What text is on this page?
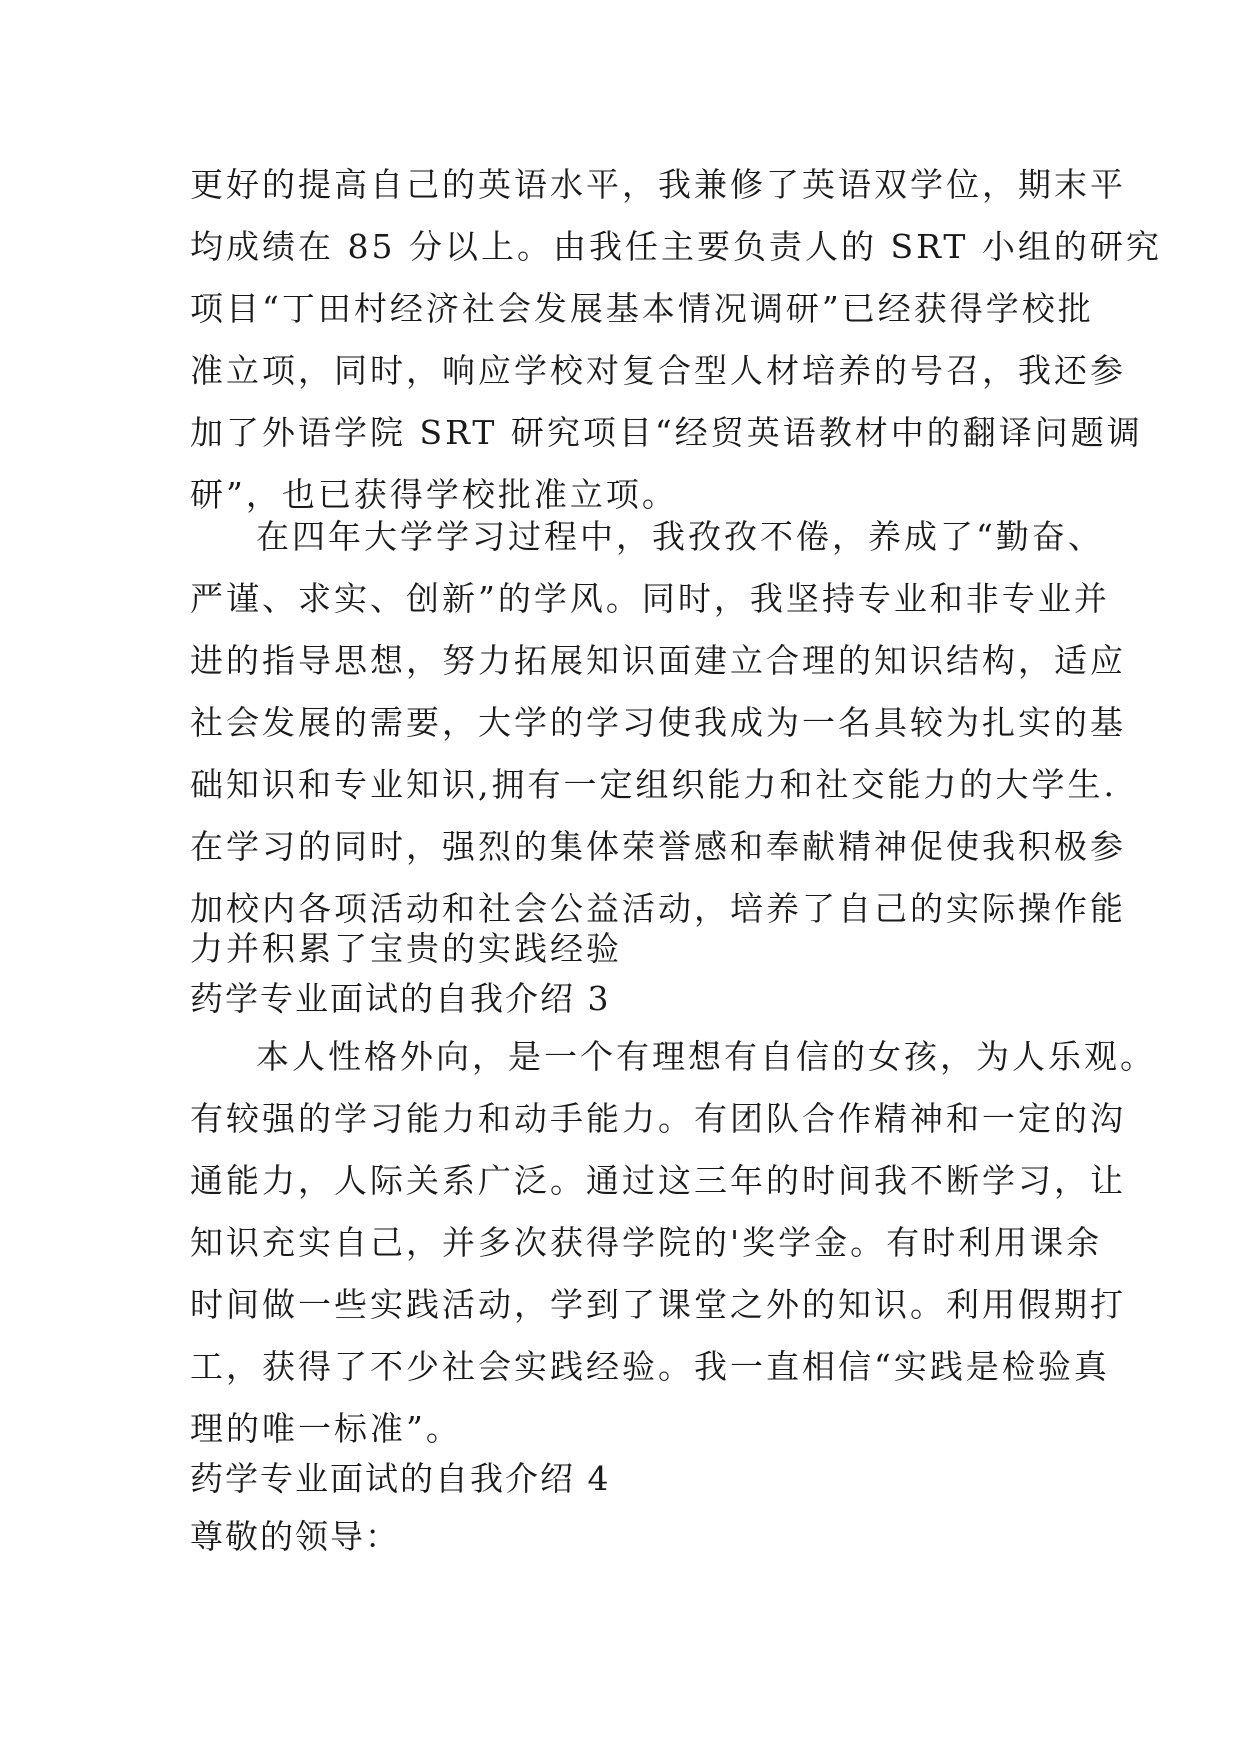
更好的提高自己的英语水平，我兼修了英语双学位，期末平
均成绩在 85 分以上。由我任主要负责人的 SRT 小组的研究
项目“丁田村经济社会发展基本情况调研”已经获得学校批
准立项，同时，响应学校对复合型人材培养的号召，我还参
加了外语学院 SRT 研究项目“经贸英语教材中的翻译问题调
研”，也已获得学校批准立项。
在四年大学学习过程中，我孜孜不倦，养成了“勤奋、
严谨、求实、创新”的学风。同时，我坚持专业和非专业并
进的指导思想，努力拓展知识面建立合理的知识结构，适应
社会发展的需要，大学的学习使我成为一名具较为扎实的基
础知识和专业知识,拥有一定组织能力和社交能力的大学生.
在学习的同时，强烈的集体荣誉感和奉献精神促使我积极参
加校内各项活动和社会公益活动，培养了自己的实际操作能
力并积累了宝贵的实践经验
药学专业面试的自我介绍 3
本人性格外向，是一个有理想有自信的女孩，为人乐观。
有较强的学习能力和动手能力。有团队合作精神和一定的沟
通能力，人际关系广泛。通过这三年的时间我不断学习，让
知识充实自己，并多次获得学院的'奖学金。有时利用课余
时间做一些实践活动，学到了课堂之外的知识。利用假期打
工，获得了不少社会实践经验。我一直相信“实践是检验真
理的唯一标准”。
药学专业面试的自我介绍 4
尊敬的领导：
